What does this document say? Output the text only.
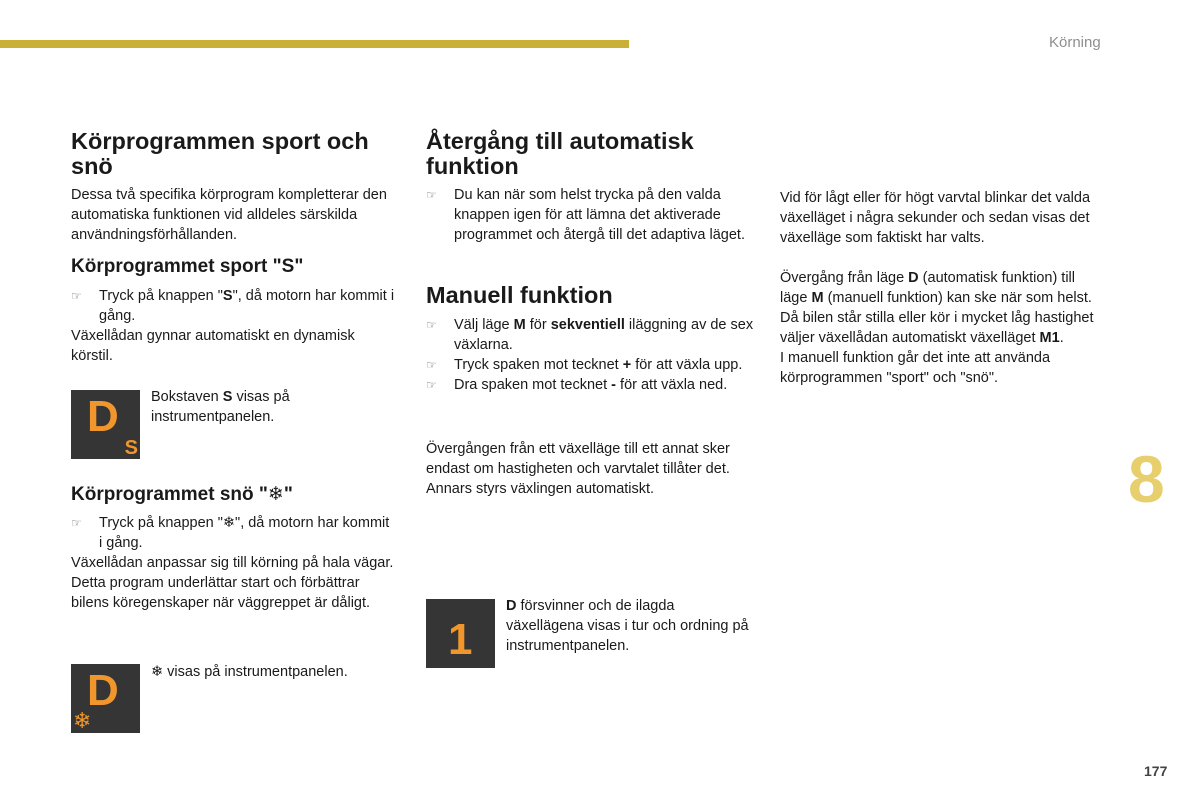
Körning
Körprogrammen sport och snö

Dessa två specifika körprogram kompletterar den automatiska funktionen vid alldeles särskilda användningsförhållanden.

Körprogrammet sport "S"
☞ Tryck på knappen "S", då motorn har kommit i gång.

Växellådan gynnar automatiskt en dynamisk körstil.

D
S
Bokstaven S visas på instrumentpanelen.
Körprogrammet snö "❄"
☞ Tryck på knappen "❄", då motorn har kommit i gång.

Växellådan anpassar sig till körning på hala vägar.

Detta program underlättar start och förbättrar bilens köregenskaper när väggreppet är dåligt.

D
❄
❄ visas på instrumentpanelen.
Återgång till automatisk funktion
☞ Du kan när som helst trycka på den valda knappen igen för att lämna det aktiverade programmet och återgå till det adaptiva läget.
Manuell funktion
☞ Välj läge M för sekventiell iläggning av de sex växlarna.
☞ Tryck spaken mot tecknet + för att växla upp.
☞ Dra spaken mot tecknet - för att växla ned.

Övergången från ett växelläge till ett annat sker endast om hastigheten och varvtalet tillåter det. Annars styrs växlingen automatiskt.

1
D försvinner och de ilagda växellägena visas i tur och ordning på instrumentpanelen.

Vid för lågt eller för högt varvtal blinkar det valda växelläget i några sekunder och sedan visas det växelläge som faktiskt har valts.

Övergång från läge D (automatisk funktion) till läge M (manuell funktion) kan ske när som helst.

Då bilen står stilla eller kör i mycket låg hastighet väljer växellådan automatiskt växelläget M1.

I manuell funktion går det inte att använda körprogrammen "sport" och "snö".

8
177
